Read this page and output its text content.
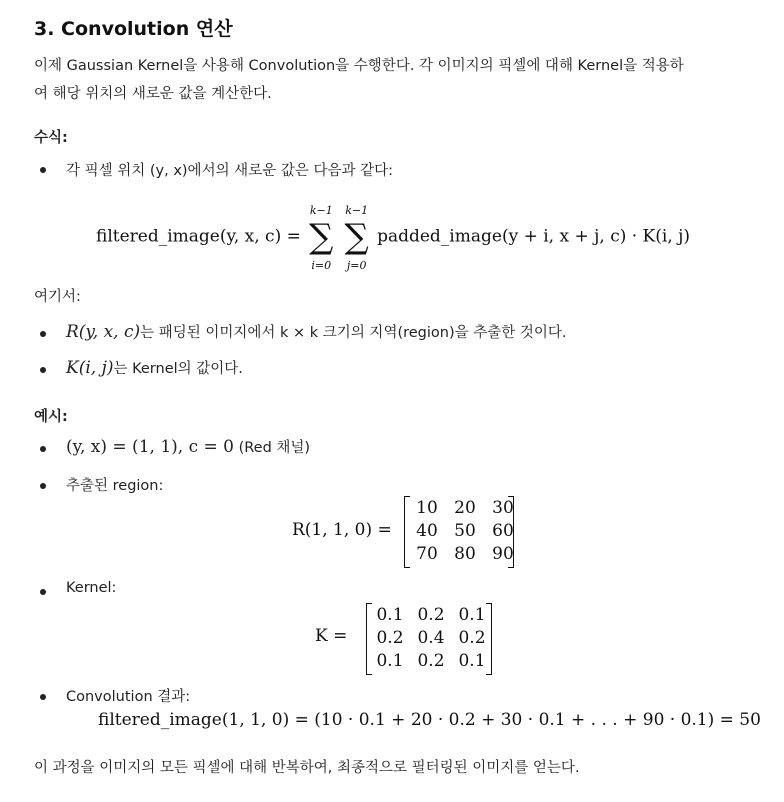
3. Convolution 연산
이제 Gaussian Kernel을 사용해 Convolution을 수행한다. 각 이미지의 픽셀에 대해 Kernel을 적용하
여 해당 위치의 새로운 값을 계산한다.
수식:
각 픽셀 위치 (y, x)에서의 새로운 값은 다음과 같다:
filtered_image(y, x, c) =
k−1
∑
i=0

k−1
∑
j=0
padded_image(y + i, x + j, c) · K(i, j)
여기서:
R(y, x, c)는 패딩된 이미지에서 k × k 크기의 지역(region)을 추출한 것이다.
K(i, j)는 Kernel의 값이다.
예시:
(y, x) = (1, 1), c = 0 (Red 채널)
추출된 region:
R(1, 1, 0) =
10 20 30
40 50 60
70 80 90
Kernel:
K =
0.1 0.2 0.1
0.2 0.4 0.2
0.1 0.2 0.1
Convolution 결과:
filtered_image(1, 1, 0) = (10 · 0.1 + 20 · 0.2 + 30 · 0.1 + . . . + 90 · 0.1) = 50
이 과정을 이미지의 모든 픽셀에 대해 반복하여, 최종적으로 필터링된 이미지를 얻는다.
